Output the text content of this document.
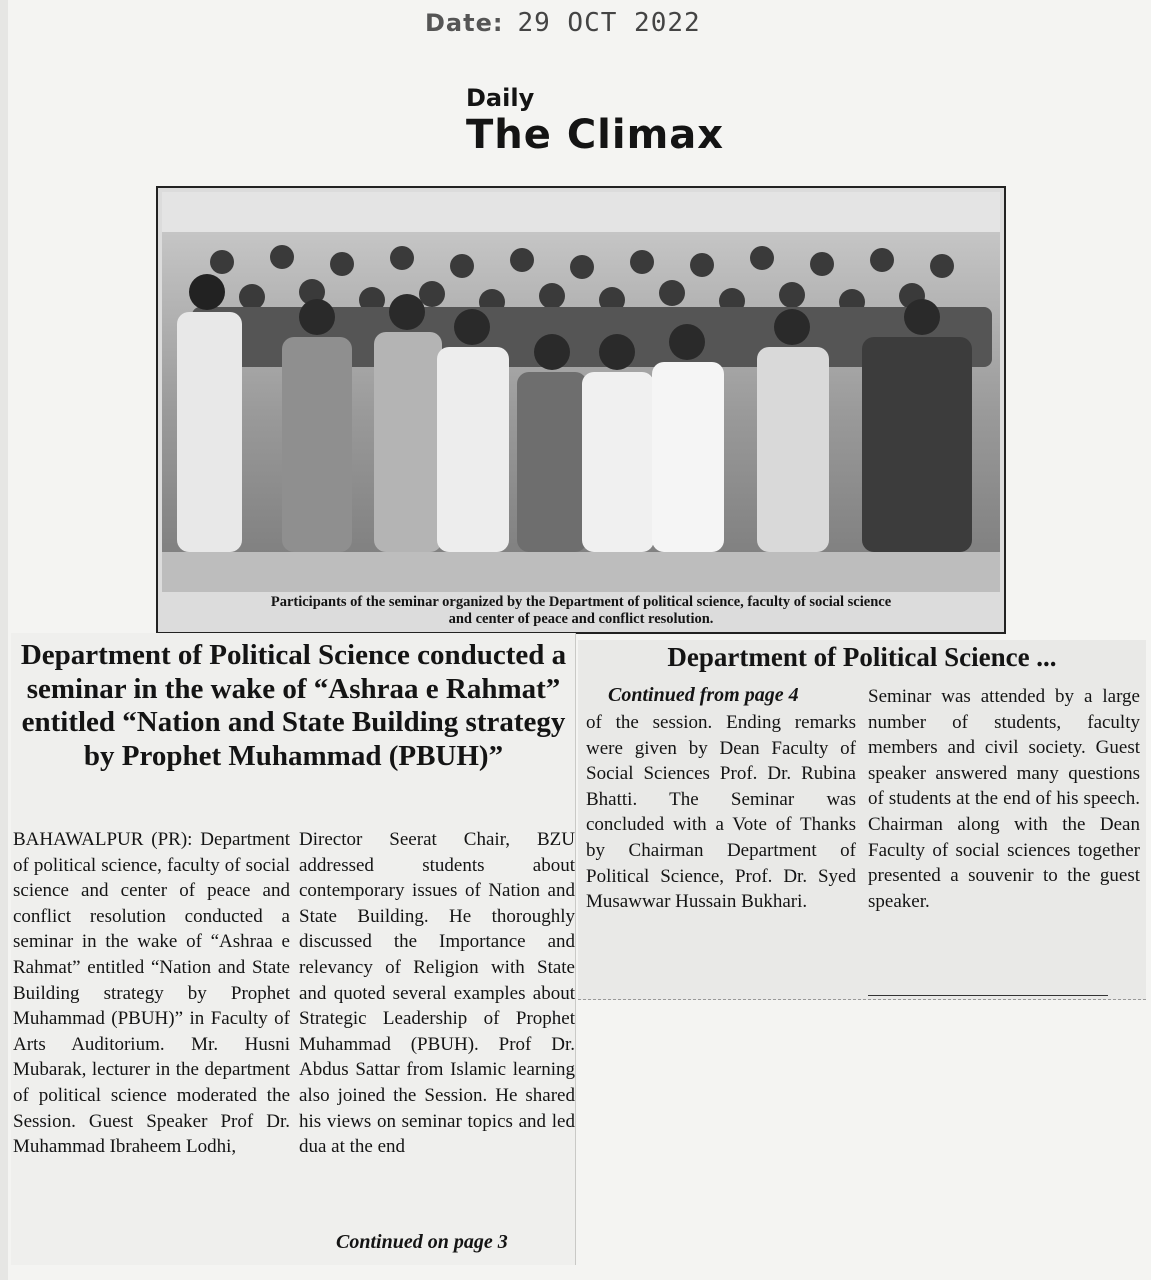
Date: 29 OCT 2022
Daily
The Climax
Participants of the seminar organized by the Department of political science, faculty of social science
and center of peace and conflict resolution.
Department of Political Science conducted a seminar in the wake of “Ashraa e Rahmat” entitled “Nation and State Building strategy by Prophet Muhammad (PBUH)”
BAHAWALPUR (PR): Department of political science, faculty of social science and center of peace and conflict resolution conducted a seminar in the wake of “Ashraa e Rahmat” entitled “Nation and State Building strategy by Prophet Muhammad (PBUH)” in Faculty of Arts Auditorium. Mr. Husni Mubarak, lecturer in the department of political science moderated the Session. Guest Speaker Prof Dr. Muhammad Ibraheem Lodhi,
Director Seerat Chair, BZU addressed students about contemporary issues of Nation and State Building. He thoroughly discussed the Importance and relevancy of Religion with State and quoted several examples about Strategic Leadership of Prophet Muhammad (PBUH). Prof Dr. Abdus Sattar from Islamic learning also joined the Session. He shared his views on seminar topics and led dua at the end
Continued on page 3
Department of Political Science ...
Continued from page 4
of the session. Ending remarks were given by Dean Faculty of Social Sciences Prof. Dr. Rubina Bhatti. The Seminar was concluded with a Vote of Thanks by Chairman Department of Political Science, Prof. Dr. Syed Musawwar Hussain Bukhari.
Seminar was attended by a large number of students, faculty members and civil society. Guest speaker answered many questions of students at the end of his speech. Chairman along with the Dean Faculty of social sciences together presented a souvenir to the guest speaker.
